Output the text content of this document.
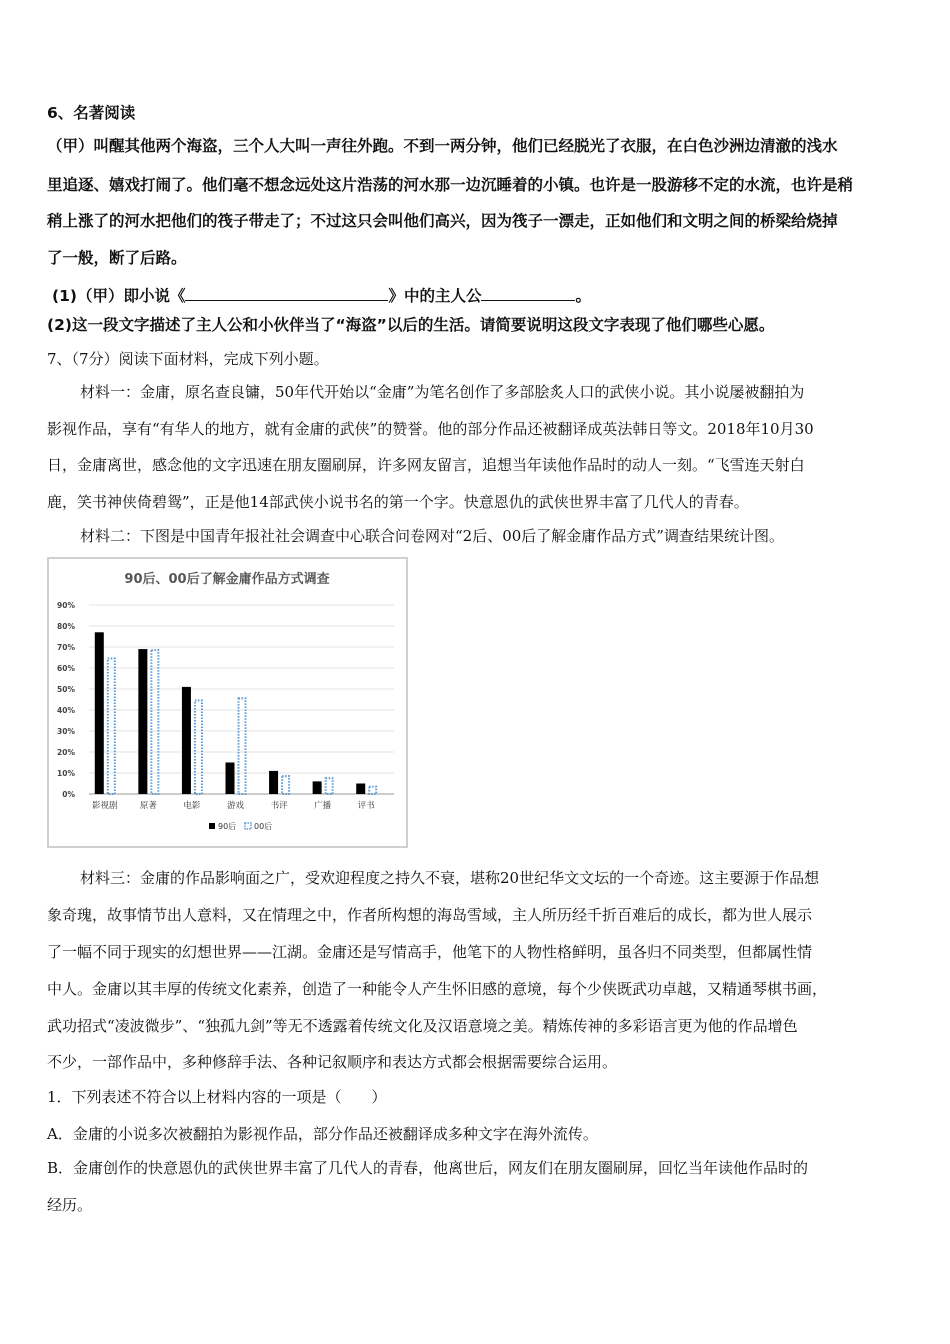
6、名著阅读
（甲）叫醒其他两个海盗，三个人大叫一声往外跑。不到一两分钟，他们已经脱光了衣服，在白色沙洲边清澈的浅水
里追逐、嬉戏打闹了。他们毫不想念远处这片浩荡的河水那一边沉睡着的小镇。也许是一股游移不定的水流，也许是稍
稍上涨了的河水把他们的筏子带走了；不过这只会叫他们高兴，因为筏子一漂走，正如他们和文明之间的桥梁给烧掉
了一般，断了后路。
(1)（甲）即小说《	》中的主人公	。
(2)这一段文字描述了主人公和小伙伴当了“海盗”以后的生活。请简要说明这段文字表现了他们哪些心愿。
7、（7分）阅读下面材料，完成下列小题。
材料一：金庸，原名查良镛，50年代开始以“金庸”为笔名创作了多部脍炙人口的武侠小说。其小说屡被翻拍为
影视作品，享有“有华人的地方，就有金庸的武侠”的赞誉。他的部分作品还被翻译成英法韩日等文。2018年10月30
日，金庸离世，感念他的文字迅速在朋友圈刷屏，许多网友留言，追想当年读他作品时的动人一刻。“飞雪连天射白
鹿，笑书神侠倚碧鸳”，正是他14部武侠小说书名的第一个字。快意恩仇的武侠世界丰富了几代人的青春。
材料二：下图是中国青年报社社会调查中心联合问卷网对“2后、00后了解金庸作品方式”调查结果统计图。
90后、00后了解金庸作品方式调查
0%
10%
20%
30%
40%
50%
60%
70%
80%
90%
影视剧	原著	电影	游戏	书评	广播	评书
90后 00后
材料三：金庸的作品影响面之广，受欢迎程度之持久不衰，堪称20世纪华文文坛的一个奇迹。这主要源于作品想
象奇瑰，故事情节出人意料，又在情理之中，作者所构想的海岛雪域，主人所历经千折百难后的成长，都为世人展示
了一幅不同于现实的幻想世界——江湖。金庸还是写情高手，他笔下的人物性格鲜明，虽各归不同类型，但都属性情
中人。金庸以其丰厚的传统文化素养，创造了一种能令人产生怀旧感的意境，每个少侠既武功卓越，又精通琴棋书画，
武功招式“凌波微步”、“独孤九剑”等无不透露着传统文化及汉语意境之美。精炼传神的多彩语言更为他的作品增色
不少，一部作品中，多种修辞手法、各种记叙顺序和表达方式都会根据需要综合运用。
1．下列表述不符合以上材料内容的一项是（　　）
A．金庸的小说多次被翻拍为影视作品，部分作品还被翻译成多种文字在海外流传。
B．金庸创作的快意恩仇的武侠世界丰富了几代人的青春，他离世后，网友们在朋友圈刷屏，回忆当年读他作品时的
经历。
